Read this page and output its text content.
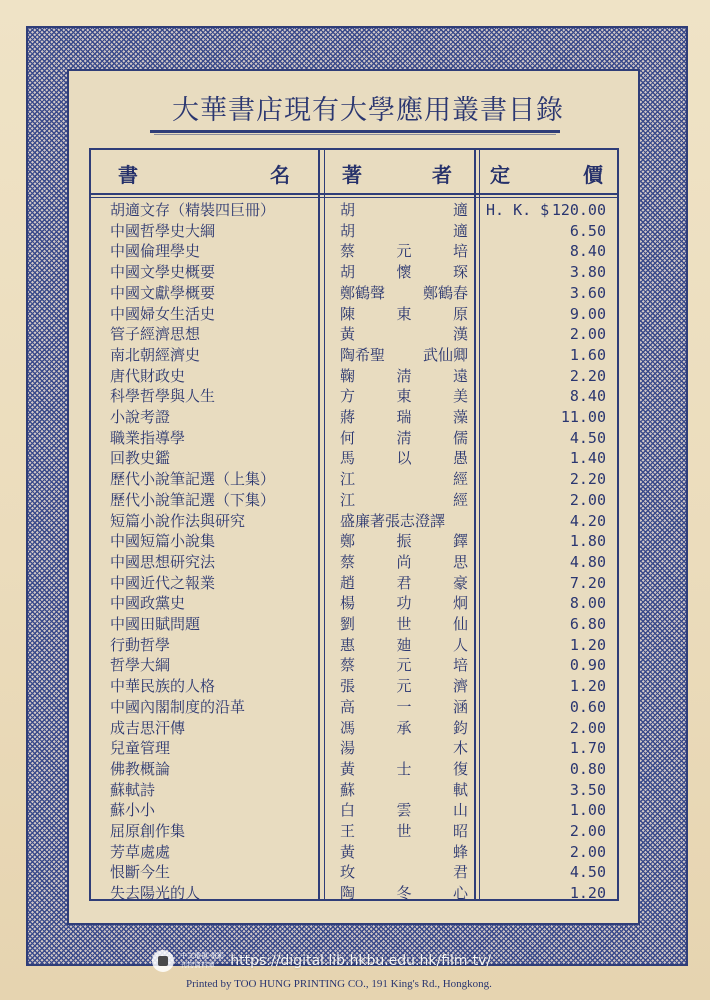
大華書店現有大學應用叢書目錄
書	名	著	者 定	價
胡適文存（精裝四巨冊）	胡	適 H. K. $ 120.00
中國哲學史大綱	胡	適	6.50
中國倫理學史	蔡	元	培	8.40
中國文學史概要	胡	懷	琛	3.80
中國文獻學概要	鄭鶴聲	鄭鶴春	3.60
中國婦女生活史	陳	東	原	9.00
管子經濟思想	黃	漢	2.00
南北朝經濟史	陶希聖	武仙卿	1.60
唐代財政史	鞠	淸	遠	2.20
科學哲學與人生	方	東	美	8.40
小說考證	蔣	瑞	藻	11.00
職業指導學	何	淸	儒	4.50
回教史鑑	馬	以	愚	1.40
歷代小說筆記選（上集）	江	經	2.20
歷代小說筆記選（下集）	江	經	2.00
短篇小說作法與研究	盛廉著張志澄譯	4.20
中國短篇小說集	鄭	振	鐸	1.80
中國思想研究法	蔡	尚	思	4.80
中國近代之報業	趙	君	豪	7.20
中國政黨史	楊	功	炯	8.00
中國田賦問題	劉	世	仙	6.80
行動哲學	惠	廸	人	1.20
哲學大綱	蔡	元	培	0.90
中華民族的人格	張	元	濟	1.20
中國內閣制度的沿革	高	一	涵	0.60
成吉思汗傳	馮	承	鈞	2.00
兒童管理	湯	木	1.70
佛教概論	黃	士	復	0.80
蘇軾詩	蘇	軾	3.50
蘇小小	白	雲	山	1.00
屈原創作集	王	世	昭	2.00
芳草處處	黃	蜂	2.00
恨斷今生	玫	君	4.50
失去陽光的人	陶	冬	心	1.20
中文電視·電影
刊物資料庫	https://digital.lib.hkbu.edu.hk/film-tv/
Printed by TOO HUNG PRINTING CO., 191 King's Rd., Hongkong.
